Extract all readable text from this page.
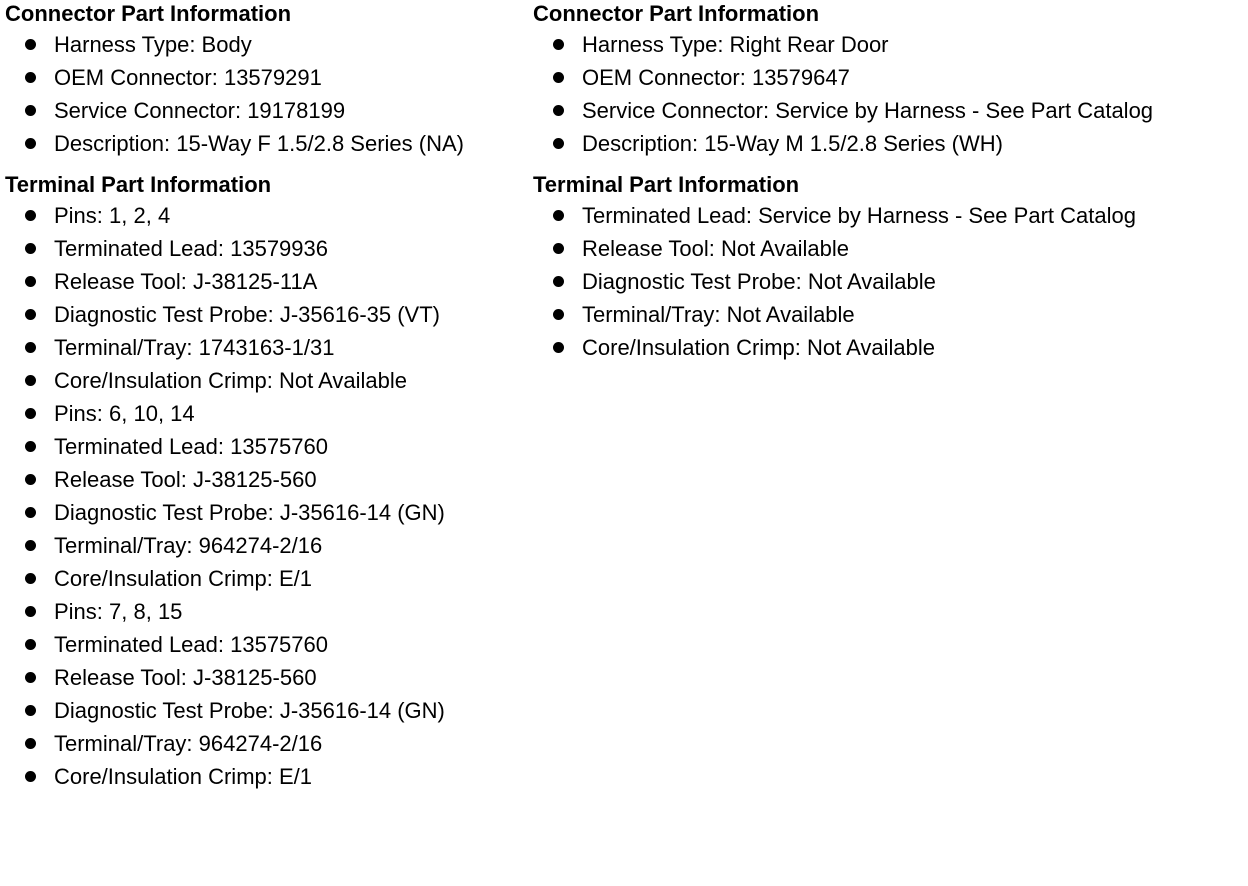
Connector Part Information
Harness Type: Body
OEM Connector: 13579291
Service Connector: 19178199
Description: 15-Way F 1.5/2.8 Series (NA)
Terminal Part Information
Pins: 1, 2, 4
Terminated Lead: 13579936
Release Tool: J-38125-11A
Diagnostic Test Probe: J-35616-35 (VT)
Terminal/Tray: 1743163-1/31
Core/Insulation Crimp: Not Available
Pins: 6, 10, 14
Terminated Lead: 13575760
Release Tool: J-38125-560
Diagnostic Test Probe: J-35616-14 (GN)
Terminal/Tray: 964274-2/16
Core/Insulation Crimp: E/1
Pins: 7, 8, 15
Terminated Lead: 13575760
Release Tool: J-38125-560
Diagnostic Test Probe: J-35616-14 (GN)
Terminal/Tray: 964274-2/16
Core/Insulation Crimp: E/1
Connector Part Information
Harness Type: Right Rear Door
OEM Connector: 13579647
Service Connector: Service by Harness - See Part Catalog
Description: 15-Way M 1.5/2.8 Series (WH)
Terminal Part Information
Terminated Lead: Service by Harness - See Part Catalog
Release Tool: Not Available
Diagnostic Test Probe: Not Available
Terminal/Tray: Not Available
Core/Insulation Crimp: Not Available
